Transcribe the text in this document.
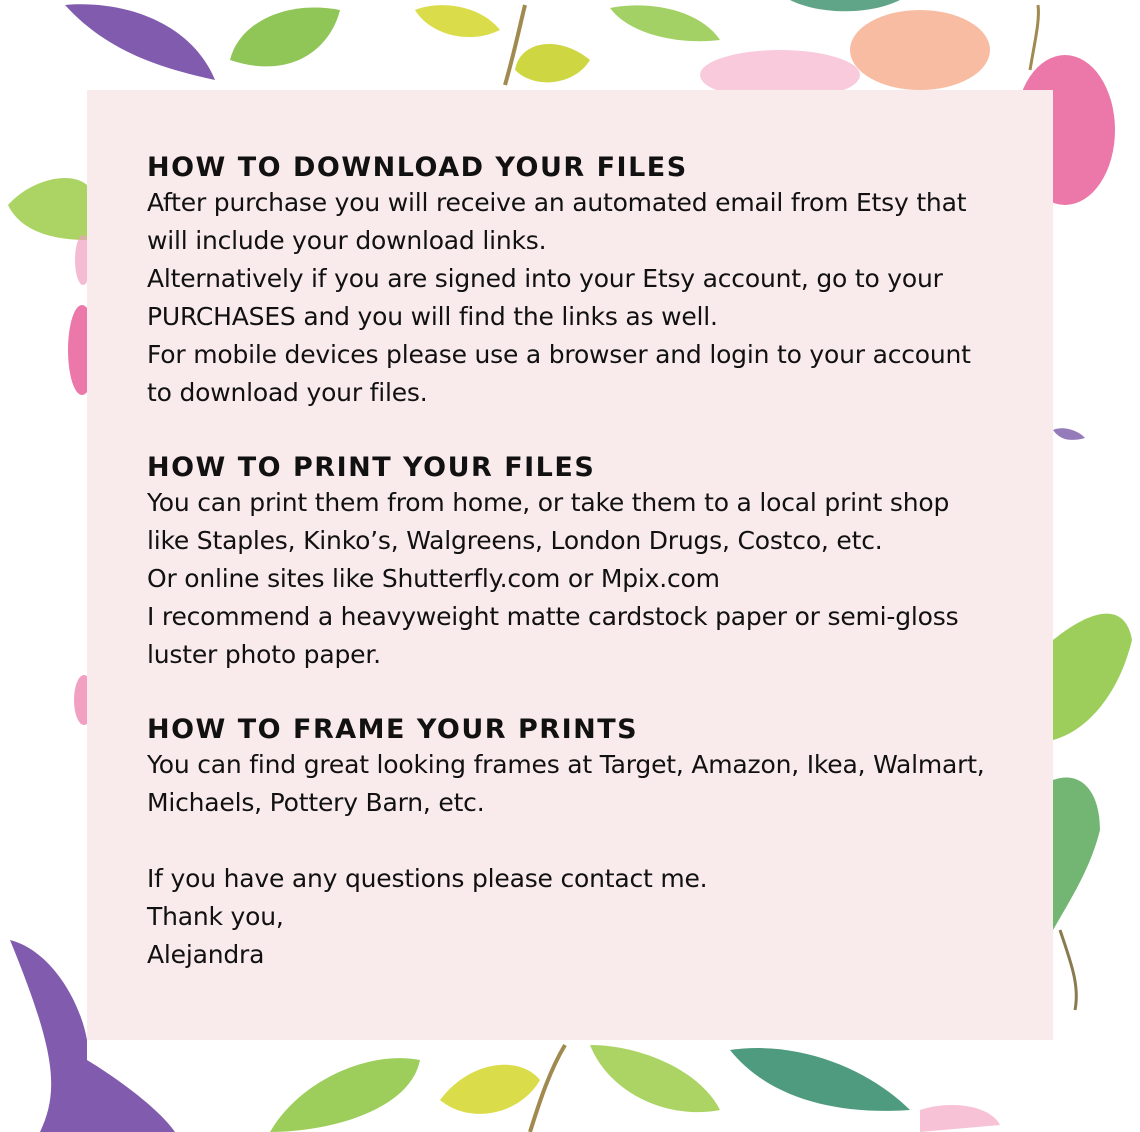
HOW TO DOWNLOAD YOUR FILES

After purchase you will receive an automated email from Etsy that

will include your download links.

Alternatively if you are signed into your Etsy account, go to your

PURCHASES and you will find the links as well.

For mobile devices please use a browser and login to your account

to download your files.

HOW TO PRINT YOUR FILES

You can print them from home, or take them to a local print shop

like Staples, Kinko’s, Walgreens, London Drugs, Costco, etc.

Or online sites like Shutterfly.com or Mpix.com

I recommend a heavyweight matte cardstock paper or semi-gloss

luster photo paper.

HOW TO FRAME YOUR PRINTS

You can find great looking frames at Target, Amazon, Ikea, Walmart,

Michaels, Pottery Barn, etc.

If you have any questions please contact me.

Thank you,

Alejandra
